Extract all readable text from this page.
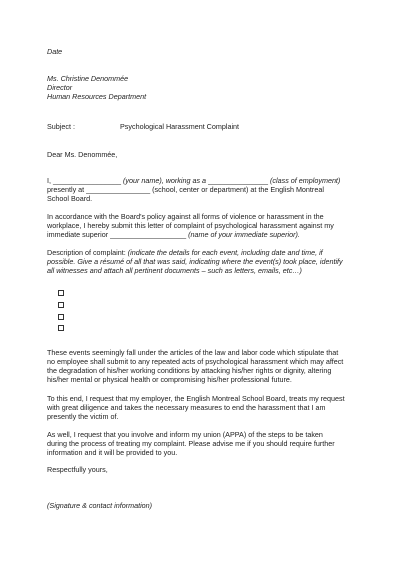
Date
Ms. Christine Denommée
Director
Human Resources Department
Subject :	Psychological Harassment Complaint
Dear Ms. Denommée,
I, _________________ (your name), working as a _______________ (class of employment)
presently at ________________ (school, center or department) at the English Montreal
School Board.
In accordance with the Board's policy against all forms of violence or harassment in the
workplace, I hereby submit this letter of complaint of psychological harassment against my
immediate superior ___________________ (name of your immediate superior).
Description of complaint: (indicate the details for each event, including date and time, if
possible. Give a résumé of all that was said, indicating where the event(s) took place, identify
all witnesses and attach all pertinent documents – such as letters, emails, etc…)
These events seemingly fall under the articles of the law and labor code which stipulate that
no employee shall submit to any repeated acts of psychological harassment which may affect
the degradation of his/her working conditions by attacking his/her rights or dignity, altering
his/her mental or physical health or compromising his/her professional future.
To this end, I request that my employer, the English Montreal School Board, treats my request
with great diligence and takes the necessary measures to end the harassment that I am
presently the victim of.
As well, I request that you involve and inform my union (APPA) of the steps to be taken
during the process of treating my complaint. Please advise me if you should require further
information and it will be provided to you.
Respectfully yours,
(Signature & contact information)
